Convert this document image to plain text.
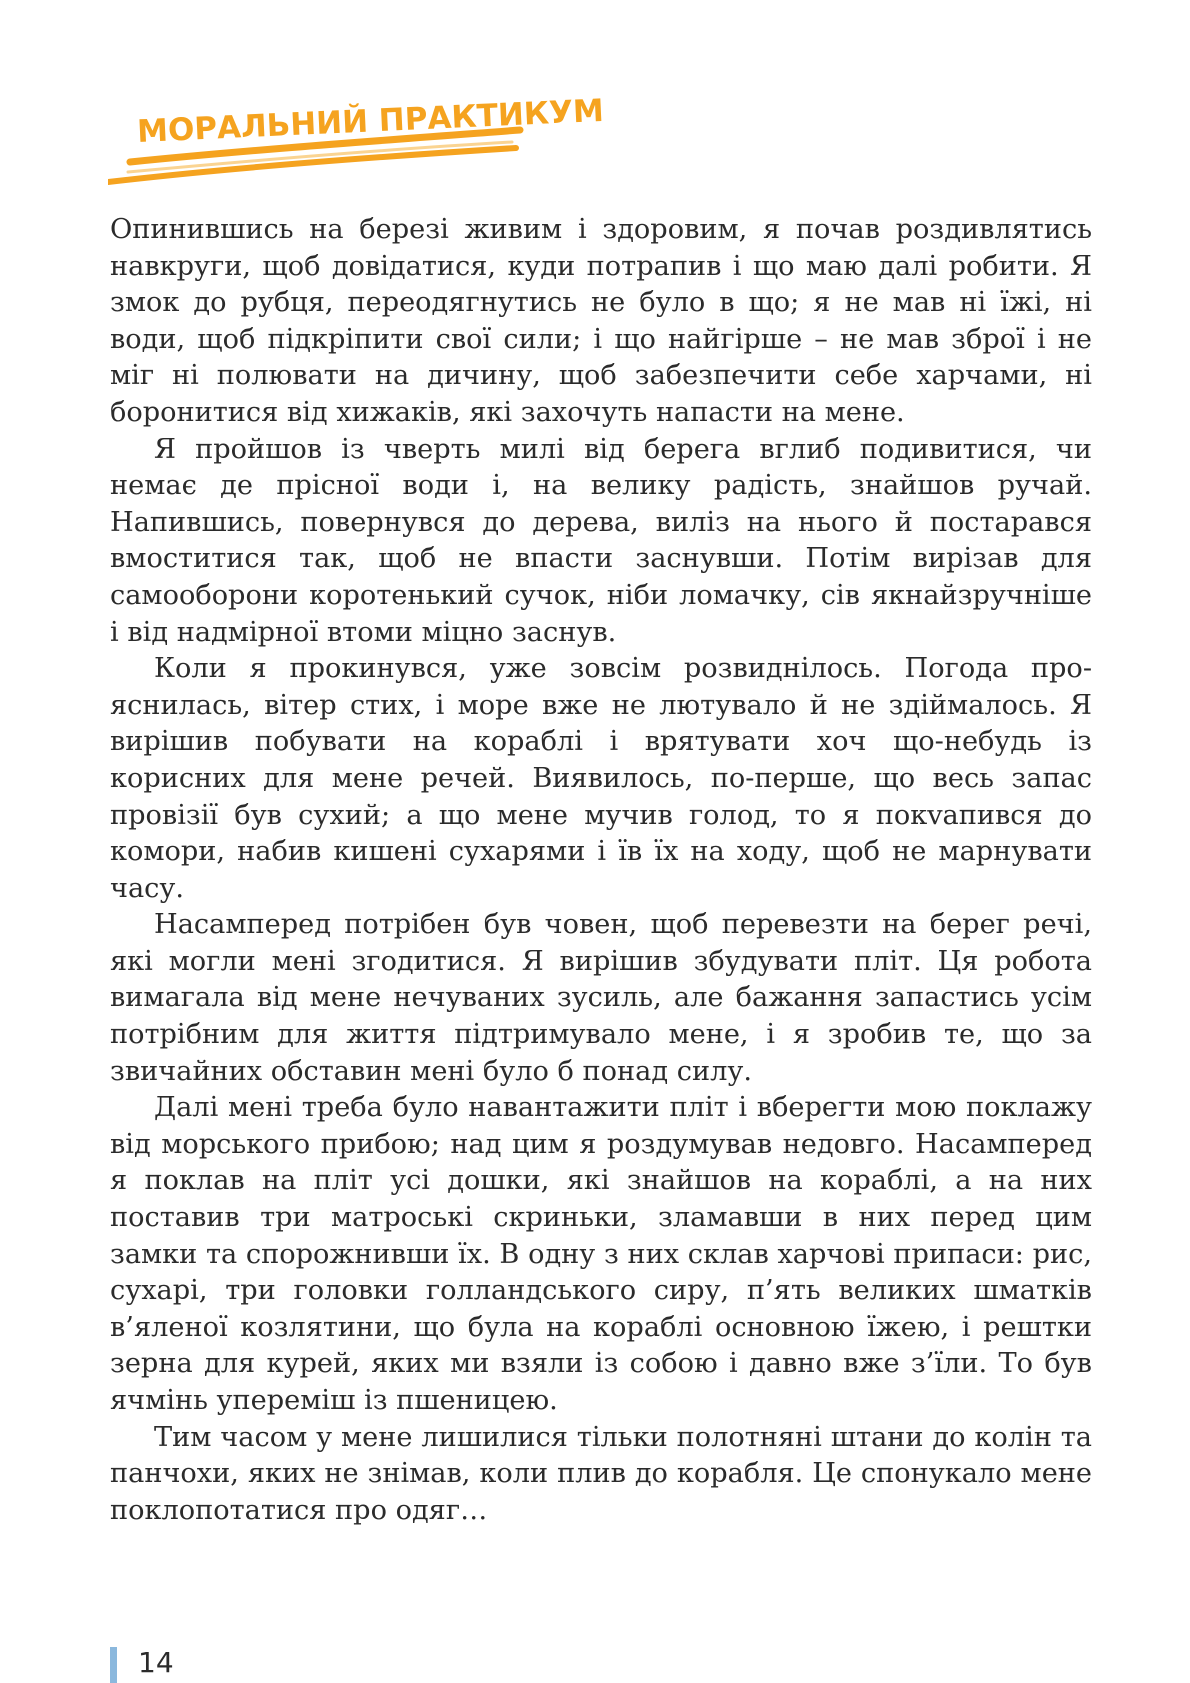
МОРАЛЬНИЙ ПРАКТИКУМ

Опинившись на березі живим і здоровим, я почав роздивлятись навкруги, щоб довідатися, куди потрапив і що маю далі робити. Я змок до рубця, переодягнутись не було в що; я не мав ні їжі, ні води, щоб підкріпити свої сили; і що найгірше – не мав зброї і не міг ні полювати на дичину, щоб забезпечити себе харчами, ні боронитися від хижаків, які захочуть напасти на мене.

Я пройшов із чверть милі від берега вглиб подивитися, чи немає де прісної води і, на велику радість, знайшов ручай. Напившись, повернувся до дерева, виліз на нього й постарався вмоститися так, щоб не впасти заснувши. Потім вирізав для самооборони коротенький сучок, ніби ломачку, сів якнайзручніше і від надмірної втоми міцно заснув.

Коли я прокинувся, уже зовсім розвиднілось. Погода прояснилась, вітер стих, і море вже не лютувало й не здіймалось. Я вирішив побувати на кораблі і врятувати хоч що-небудь із корисних для мене речей. Виявилось, по-перше, що весь запас провізії був сухий; а що мене мучив голод, то я покvaпився до комори, набив кишені сухарями і їв їх на ходу, щоб не марнувати часу.

Насамперед потрібен був човен, щоб перевезти на берег речі, які могли мені згодитися. Я вирішив збудувати пліт. Ця робота вимагала від мене нечуваних зусиль, але бажання запастись усім потрібним для життя підтримувало мене, і я зробив те, що за звичайних обставин мені було б понад силу.

Далі мені треба було навантажити пліт і вберегти мою поклажу від морського прибою; над цим я роздумував недовго. Насамперед я поклав на пліт усі дошки, які знайшов на кораблі, а на них поставив три матроські скриньки, зламавши в них перед цим замки та спорожнивши їх. В одну з них склав харчові припаси: рис, сухарі, три головки голландського сиру, п’ять великих шматків в’яленої козлятини, що була на кораблі основною їжею, і рештки зерна для курей, яких ми взяли із собою і давно вже з’їли. То був ячмінь упереміш із пшеницею.

Тим часом у мене лишилися тільки полотняні штани до колін та панчохи, яких не знімав, коли плив до корабля. Це спонукало мене поклопотатися про одяг…

14
